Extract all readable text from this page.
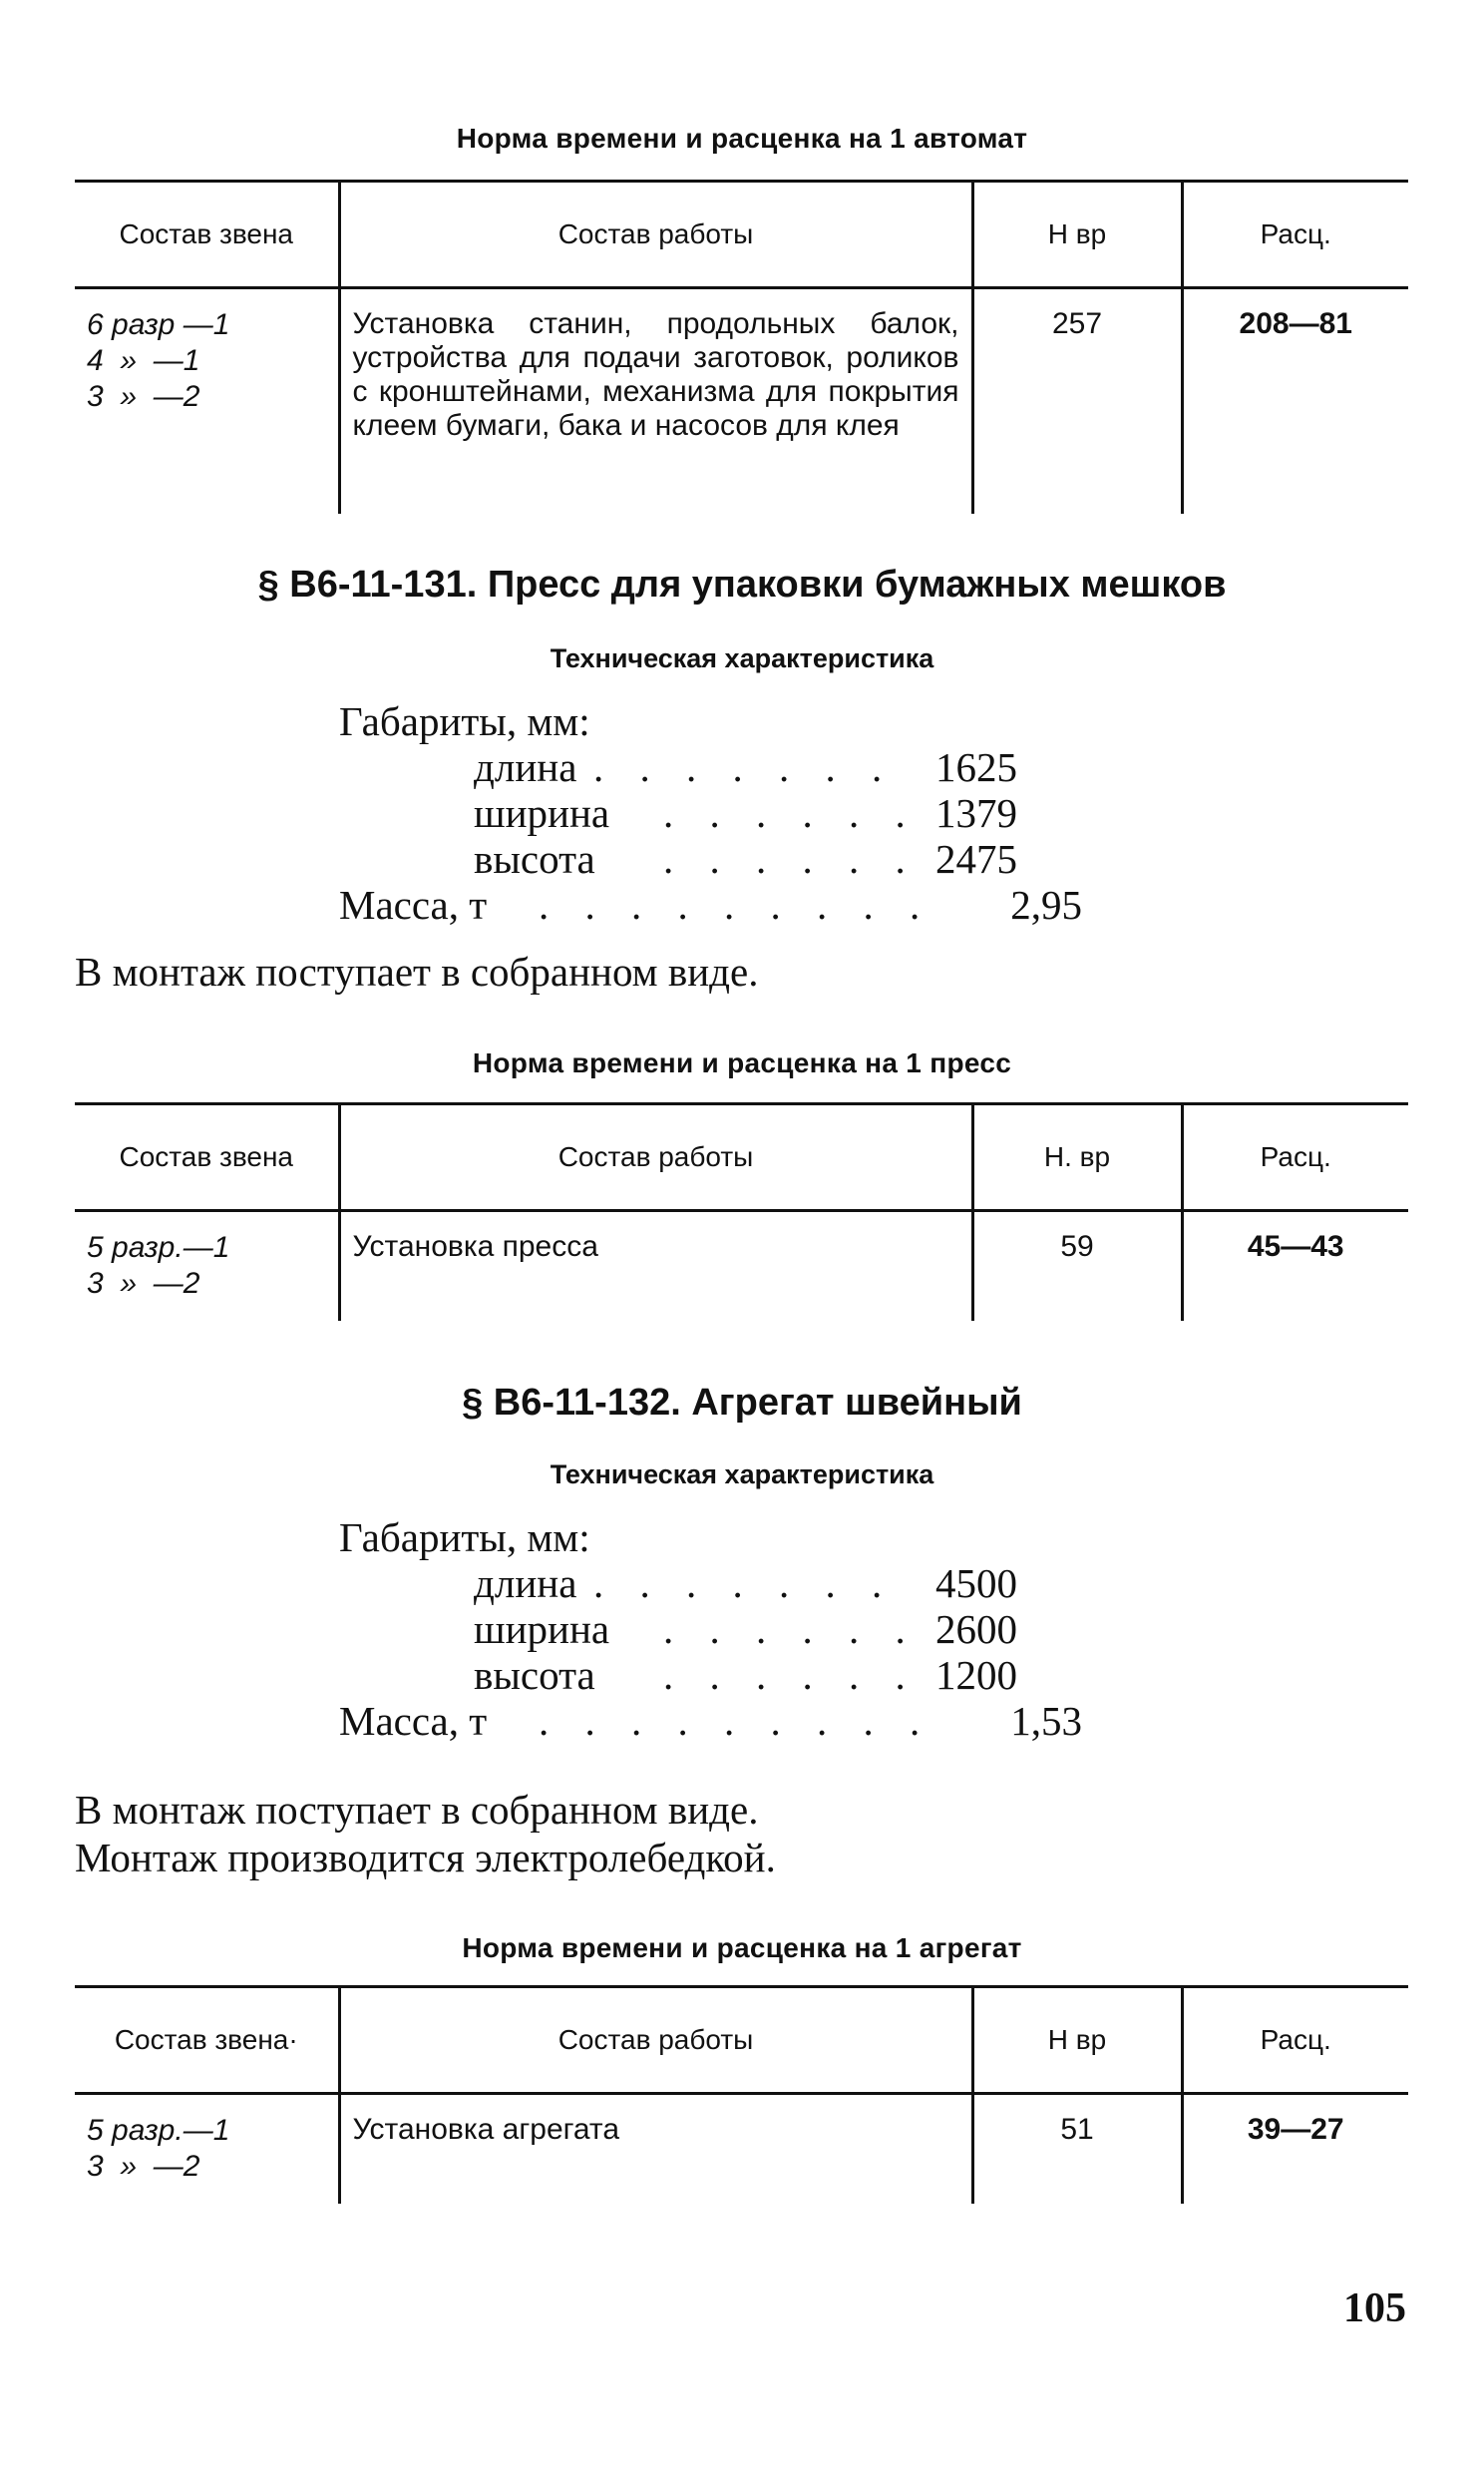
Норма времени и расценка на 1 автомат
Состав звена	Состав работы	Н вр	Расц.
6 разр —1
4  »  —1
3  »  —2	Установка станин, продольных балок, устройства для подачи заготовок, роликов с кронштейнами, механизма для покрытия клеем бумаги, бака и насосов для клея	257	208—81
§ В6-11-131. Пресс для упаковки бумажных мешков
Техническая характеристика
Габариты, мм:
длина . . . . . . . 1625
ширина . . . . . . 1379
высота . . . . . . 2475
Масса, т . . . . . . . . . 2,95
В монтаж поступает в собранном виде.
Норма времени и расценка на 1 пресс
Состав звена	Состав работы	Н. вр	Расц.
5 разр.—1
3  »  —2	Установка пресса	59	45—43
§ В6-11-132. Агрегат швейный
Техническая характеристика
Габариты, мм:
длина . . . . . . . 4500
ширина . . . . . . 2600
высота . . . . . . 1200
Масса, т . . . . . . . . . 1,53
В монтаж поступает в собранном виде.
Монтаж производится электролебедкой.
Норма времени и расценка на 1 агрегат
Состав звена·	Состав работы	Н вр	Расц.
5 разр.—1
3  »  —2	Установка агрегата	51	39—27
105
